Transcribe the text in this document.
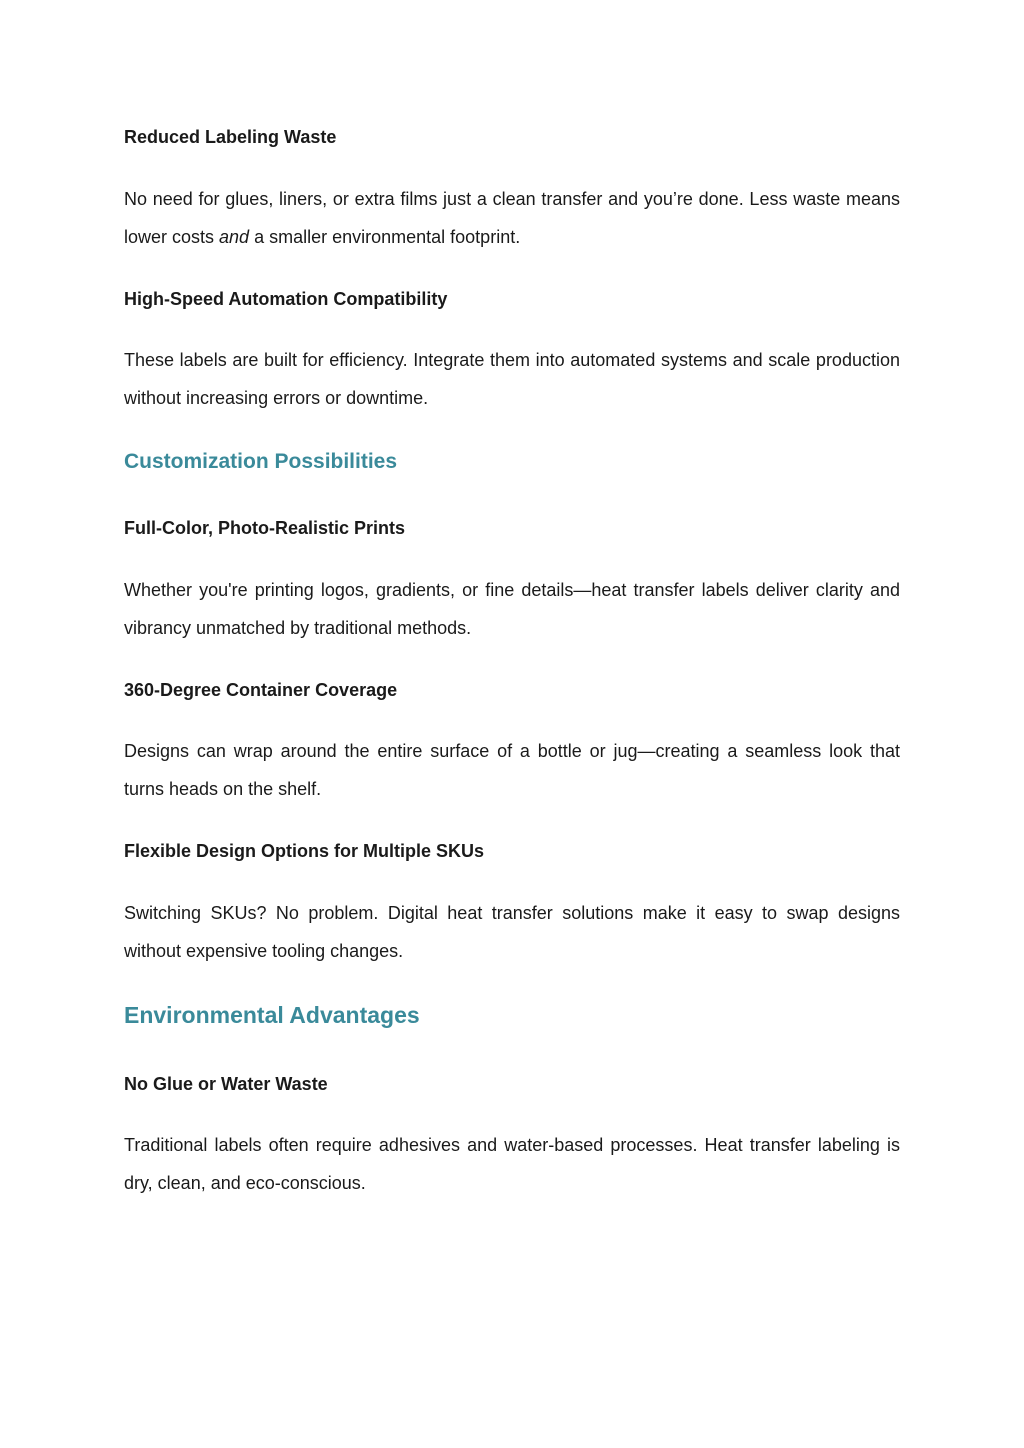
Reduced Labeling Waste

No need for glues, liners, or extra films just a clean transfer and you’re done. Less waste means lower costs and a smaller environmental footprint.

High-Speed Automation Compatibility

These labels are built for efficiency. Integrate them into automated systems and scale production without increasing errors or downtime.

Customization Possibilities
Full-Color, Photo-Realistic Prints

Whether you're printing logos, gradients, or fine details—heat transfer labels deliver clarity and vibrancy unmatched by traditional methods.

360-Degree Container Coverage

Designs can wrap around the entire surface of a bottle or jug—creating a seamless look that turns heads on the shelf.

Flexible Design Options for Multiple SKUs

Switching SKUs? No problem. Digital heat transfer solutions make it easy to swap designs without expensive tooling changes.

Environmental Advantages
No Glue or Water Waste

Traditional labels often require adhesives and water-based processes. Heat transfer labeling is dry, clean, and eco-conscious.
